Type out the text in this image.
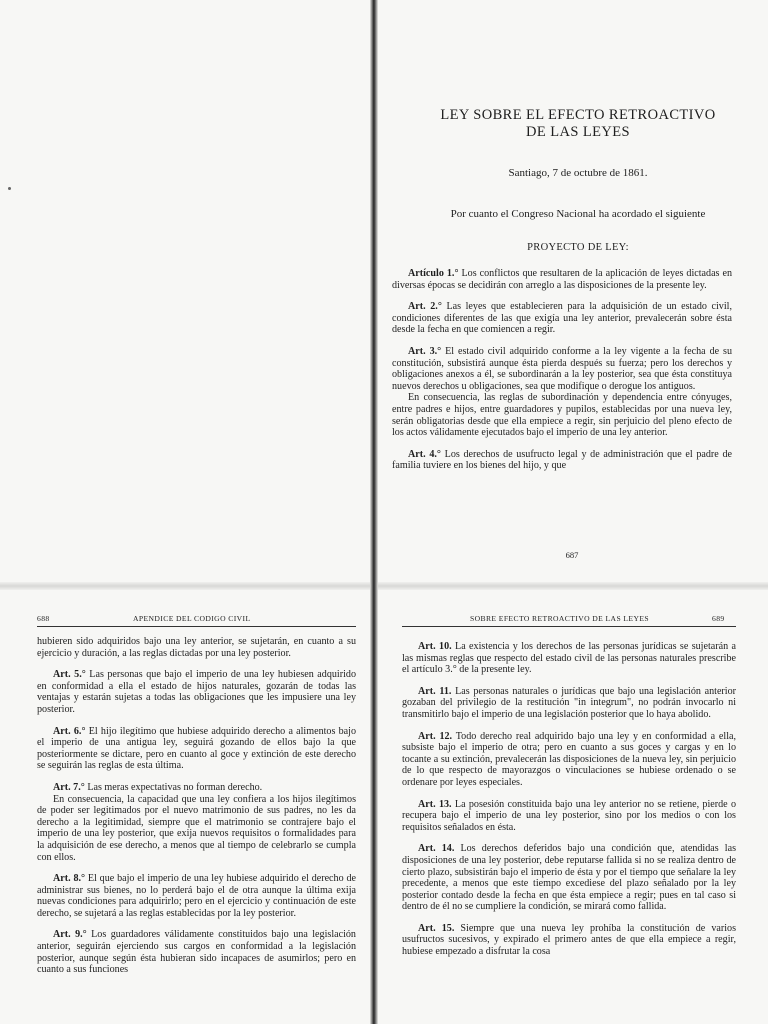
LEY SOBRE EL EFECTO RETROACTIVO
DE LAS LEYES
Santiago, 7 de octubre de 1861.
Por cuanto el Congreso Nacional ha acordado el siguiente
PROYECTO DE LEY:

Artículo 1.° Los conflictos que resultaren de la aplicación de leyes dictadas en diversas épocas se decidirán con arreglo a las disposiciones de la presente ley.

Art. 2.° Las leyes que establecieren para la adquisición de un estado civil, condiciones diferentes de las que exigía una ley anterior, prevalecerán sobre ésta desde la fecha en que comiencen a regir.

Art. 3.° El estado civil adquirido conforme a la ley vigente a la fecha de su constitución, subsistirá aunque ésta pierda después su fuerza; pero los derechos y obligaciones anexos a él, se subordinarán a la ley posterior, sea que ésta constituya nuevos derechos u obligaciones, sea que modifique o derogue los antiguos.

En consecuencia, las reglas de subordinación y dependencia entre cónyuges, entre padres e hijos, entre guardadores y pupilos, establecidas por una nueva ley, serán obligatorias desde que ella empiece a regir, sin perjuicio del pleno efecto de los actos válidamente ejecutados bajo el imperio de una ley anterior.

Art. 4.° Los derechos de usufructo legal y de administración que el padre de familia tuviere en los bienes del hijo, y que

687
688	APENDICE DEL CODIGO CIVIL

hubieren sido adquiridos bajo una ley anterior, se sujetarán, en cuanto a su ejercicio y duración, a las reglas dictadas por una ley posterior.

Art. 5.° Las personas que bajo el imperio de una ley hubiesen adquirido en conformidad a ella el estado de hijos naturales, gozarán de todas las ventajas y estarán sujetas a todas las obligaciones que les impusiere una ley posterior.

Art. 6.° El hijo ilegítimo que hubiese adquirido derecho a alimentos bajo el imperio de una antigua ley, seguirá gozando de ellos bajo la que posteriormente se dictare, pero en cuanto al goce y extinción de este derecho se seguirán las reglas de esta última.

Art. 7.° Las meras expectativas no forman derecho.

En consecuencia, la capacidad que una ley confiera a los hijos ilegítimos de poder ser legitimados por el nuevo matrimonio de sus padres, no les da derecho a la legitimidad, siempre que el matrimonio se contrajere bajo el imperio de una ley posterior, que exija nuevos requisitos o formalidades para la adquisición de ese derecho, a menos que al tiempo de celebrarlo se cumpla con ellos.

Art. 8.° El que bajo el imperio de una ley hubiese adquirido el derecho de administrar sus bienes, no lo perderá bajo el de otra aunque la última exija nuevas condiciones para adquirirlo; pero en el ejercicio y continuación de este derecho, se sujetará a las reglas establecidas por la ley posterior.

Art. 9.° Los guardadores válidamente constituidos bajo una legislación anterior, seguirán ejerciendo sus cargos en conformidad a la legislación posterior, aunque según ésta hubieran sido incapaces de asumirlos; pero en cuanto a sus funciones

SOBRE EFECTO RETROACTIVO DE LAS LEYES	689

Art. 10. La existencia y los derechos de las personas jurídicas se sujetarán a las mismas reglas que respecto del estado civil de las personas naturales prescribe el artículo 3.° de la presente ley.

Art. 11. Las personas naturales o jurídicas que bajo una legislación anterior gozaban del privilegio de la restitución "in integrum", no podrán invocarlo ni transmitirlo bajo el imperio de una legislación posterior que lo haya abolido.

Art. 12. Todo derecho real adquirido bajo una ley y en conformidad a ella, subsiste bajo el imperio de otra; pero en cuanto a sus goces y cargas y en lo tocante a su extinción, prevalecerán las disposiciones de la nueva ley, sin perjuicio de lo que respecto de mayorazgos o vinculaciones se hubiese ordenado o se ordenare por leyes especiales.

Art. 13. La posesión constituida bajo una ley anterior no se retiene, pierde o recupera bajo el imperio de una ley posterior, sino por los medios o con los requisitos señalados en ésta.

Art. 14. Los derechos deferidos bajo una condición que, atendidas las disposiciones de una ley posterior, debe reputarse fallida si no se realiza dentro de cierto plazo, subsistirán bajo el imperio de ésta y por el tiempo que señalare la ley precedente, a menos que este tiempo excediese del plazo señalado por la ley posterior contado desde la fecha en que ésta empiece a regir; pues en tal caso si dentro de él no se cumpliere la condición, se mirará como fallida.

Art. 15. Siempre que una nueva ley prohíba la constitución de varios usufructos sucesivos, y expirado el primero antes de que ella empiece a regir, hubiese empezado a disfrutar la cosa
